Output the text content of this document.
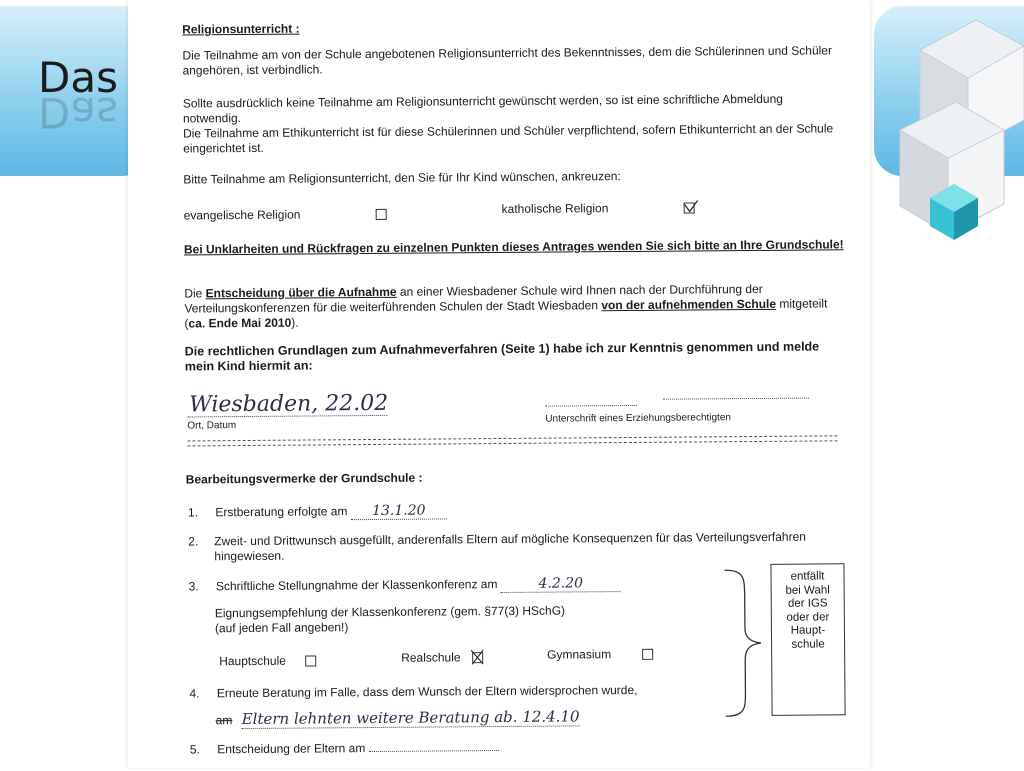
Das
Das
Religionsunterricht :
Die Teilnahme am von der Schule angebotenen Religionsunterricht des Bekenntnisses, dem die Schülerinnen und Schüler angehören, ist verbindlich.
Sollte ausdrücklich keine Teilnahme am Religionsunterricht gewünscht werden, so ist eine schriftliche Abmeldung notwendig.
Die Teilnahme am Ethikunterricht ist für diese Schülerinnen und Schüler verpflichtend, sofern Ethikunterricht an der Schule eingerichtet ist.
Bitte Teilnahme am Religionsunterricht, den Sie für Ihr Kind wünschen, ankreuzen:
evangelische Religion	katholische Religion
Bei Unklarheiten und Rückfragen zu einzelnen Punkten dieses Antrages wenden Sie sich bitte an Ihre Grundschule!
Die Entscheidung über die Aufnahme an einer Wiesbadener Schule wird Ihnen nach der Durchführung der Verteilungskonferenzen für die weiterführenden Schulen der Stadt Wiesbaden von der aufnehmenden Schule mitgeteilt (ca. Ende Mai 2010).
Die rechtlichen Grundlagen zum Aufnahmeverfahren (Seite 1) habe ich zur Kenntnis genommen und melde mein Kind hiermit an:
Wiesbaden, 22.02
Ort, Datum
Unterschrift eines Erziehungsberechtigten
Bearbeitungsvermerke der Grundschule :
1. Erstberatung erfolgte am 13.1.20
2. Zweit- und Drittwunsch ausgefüllt, anderenfalls Eltern auf mögliche Konsequenzen für das Verteilungsverfahren hingewiesen.
3. Schriftliche Stellungnahme der Klassenkonferenz am	4.2.20
Eignungsempfehlung der Klassenkonferenz (gem. §77(3) HSchG)
(auf jeden Fall angeben!)
Hauptschule	Realschule	Gymnasium
4. Erneute Beratung im Falle, dass dem Wunsch der Eltern widersprochen wurde,
am Eltern lehnten weitere Beratung ab. 12.4.10
5. Entscheidung der Eltern am
entfällt
bei Wahl
der IGS
oder der
Haupt-
schule
